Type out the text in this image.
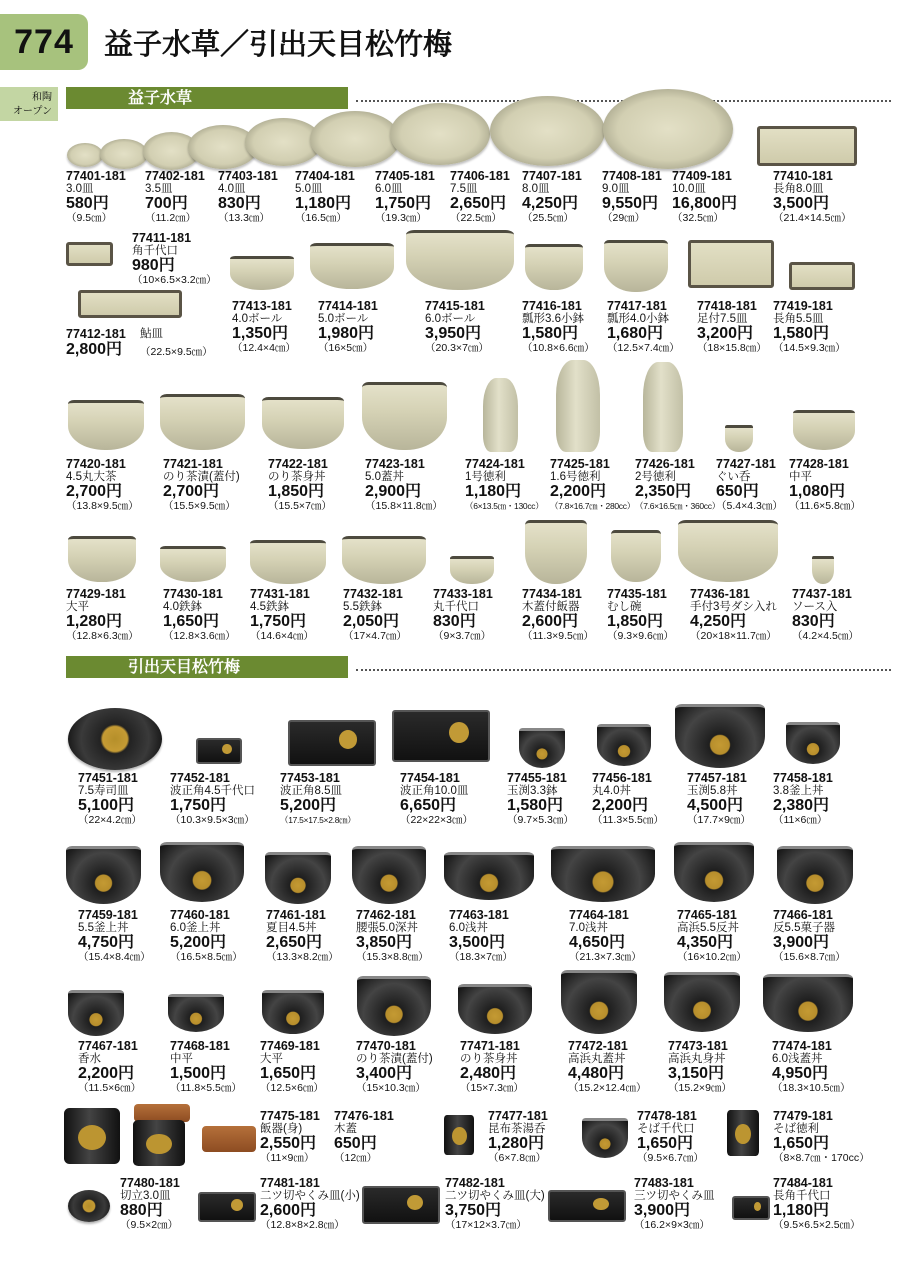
774	益子水草／引出天目松竹梅
和陶
オープン
益子水草
引出天目松竹梅
77401-181
3.0皿
580円
（9.5㎝）
77402-181
3.5皿
700円
（11.2㎝）
77403-181
4.0皿
830円
（13.3㎝）
77404-181
5.0皿
1,180円
（16.5㎝）
77405-181
6.0皿
1,750円
（19.3㎝）
77406-181
7.5皿
2,650円
（22.5㎝）
77407-181
8.0皿
4,250円
（25.5㎝）
77408-181
9.0皿
9,550円
（29㎝）
77409-181
10.0皿
16,800円
（32.5㎝）
77410-181
長角8.0皿
3,500円
（21.4×14.5㎝）
77411-181
角千代口
980円
（10×6.5×3.2㎝）
鮎皿
（22.5×9.5㎝）
77412-181
2,800円
77413-181
4.0ボール
1,350円
（12.4×4㎝）
77414-181
5.0ボール
1,980円
（16×5㎝）
77415-181
6.0ボール
3,950円
（20.3×7㎝）
77416-181
瓢形3.6小鉢
1,580円
（10.8×6.6㎝）
77417-181
瓢形4.0小鉢
1,680円
（12.5×7.4㎝）
77418-181
足付7.5皿
3,200円
（18×15.8㎝）
77419-181
長角5.5皿
1,580円
（14.5×9.3㎝）
77420-181
4.5丸大茶
2,700円
（13.8×9.5㎝）
77421-181
のり茶漬(蓋付)
2,700円
（15.5×9.5㎝）
77422-181
のり茶身丼
1,850円
（15.5×7㎝）
77423-181
5.0蓋丼
2,900円
（15.8×11.8㎝）
77424-181
1号徳利
1,180円
（6×13.5㎝・130cc）
77425-181
1.6号徳利
2,200円
（7.8×16.7㎝・280cc）
77426-181
2号徳利
2,350円
（7.6×16.5㎝・360cc）
77427-181
ぐい呑
650円
（5.4×4.3㎝）
77428-181
中平
1,080円
（11.6×5.8㎝）
77429-181
大平
1,280円
（12.8×6.3㎝）
77430-181
4.0鉄鉢
1,650円
（12.8×3.6㎝）
77431-181
4.5鉄鉢
1,750円
（14.6×4㎝）
77432-181
5.5鉄鉢
2,050円
（17×4.7㎝）
77433-181
丸千代口
830円
（9×3.7㎝）
77434-181
木蓋付飯器
2,600円
（11.3×9.5㎝）
77435-181
むし碗
1,850円
（9.3×9.6㎝）
77436-181
手付3号ダシ入れ
4,250円
（20×18×11.7㎝）
77437-181
ソース入
830円
（4.2×4.5㎝）
77451-181
7.5寿司皿
5,100円
（22×4.2㎝）
77452-181
波正角4.5千代口
1,750円
（10.3×9.5×3㎝）
77453-181
波正角8.5皿
5,200円
（17.5×17.5×2.8㎝）
77454-181
波正角10.0皿
6,650円
（22×22×3㎝）
77455-181
玉渕3.3鉢
1,580円
（9.7×5.3㎝）
77456-181
丸4.0丼
2,200円
（11.3×5.5㎝）
77457-181
玉渕5.8丼
4,500円
（17.7×9㎝）
77458-181
3.8釜上丼
2,380円
（11×6㎝）
77459-181
5.5釜上丼
4,750円
（15.4×8.4㎝）
77460-181
6.0釜上丼
5,200円
（16.5×8.5㎝）
77461-181
夏目4.5丼
2,650円
（13.3×8.2㎝）
77462-181
腰張5.0深丼
3,850円
（15.3×8.8㎝）
77463-181
6.0浅丼
3,500円
（18.3×7㎝）
77464-181
7.0浅丼
4,650円
（21.3×7.3㎝）
77465-181
高浜5.5反丼
4,350円
（16×10.2㎝）
77466-181
反5.5菓子器
3,900円
（15.6×8.7㎝）
77467-181
香水
2,200円
（11.5×6㎝）
77468-181
中平
1,500円
（11.8×5.5㎝）
77469-181
大平
1,650円
（12.5×6㎝）
77470-181
のり茶漬(蓋付)
3,400円
（15×10.3㎝）
77471-181
のり茶身丼
2,480円
（15×7.3㎝）
77472-181
高浜丸蓋丼
4,480円
（15.2×12.4㎝）
77473-181
高浜丸身丼
3,150円
（15.2×9㎝）
77474-181
6.0浅蓋丼
4,950円
（18.3×10.5㎝）
77475-181
飯器(身)
2,550円
（11×9㎝）
77476-181
木蓋
650円
（12㎝）
77477-181
昆布茶湯呑
1,280円
（6×7.8㎝）
77478-181
そば千代口
1,650円
（9.5×6.7㎝）
77479-181
そば徳利
1,650円
（8×8.7㎝・170cc）
77480-181
切立3.0皿
880円
（9.5×2㎝）
77481-181
二ツ切やくみ皿(小)
2,600円
（12.8×8×2.8㎝）
77482-181
二ツ切やくみ皿(大)
3,750円
（17×12×3.7㎝）
77483-181
三ツ切やくみ皿
3,900円
（16.2×9×3㎝）
77484-181
長角千代口
1,180円
（9.5×6.5×2.5㎝）
